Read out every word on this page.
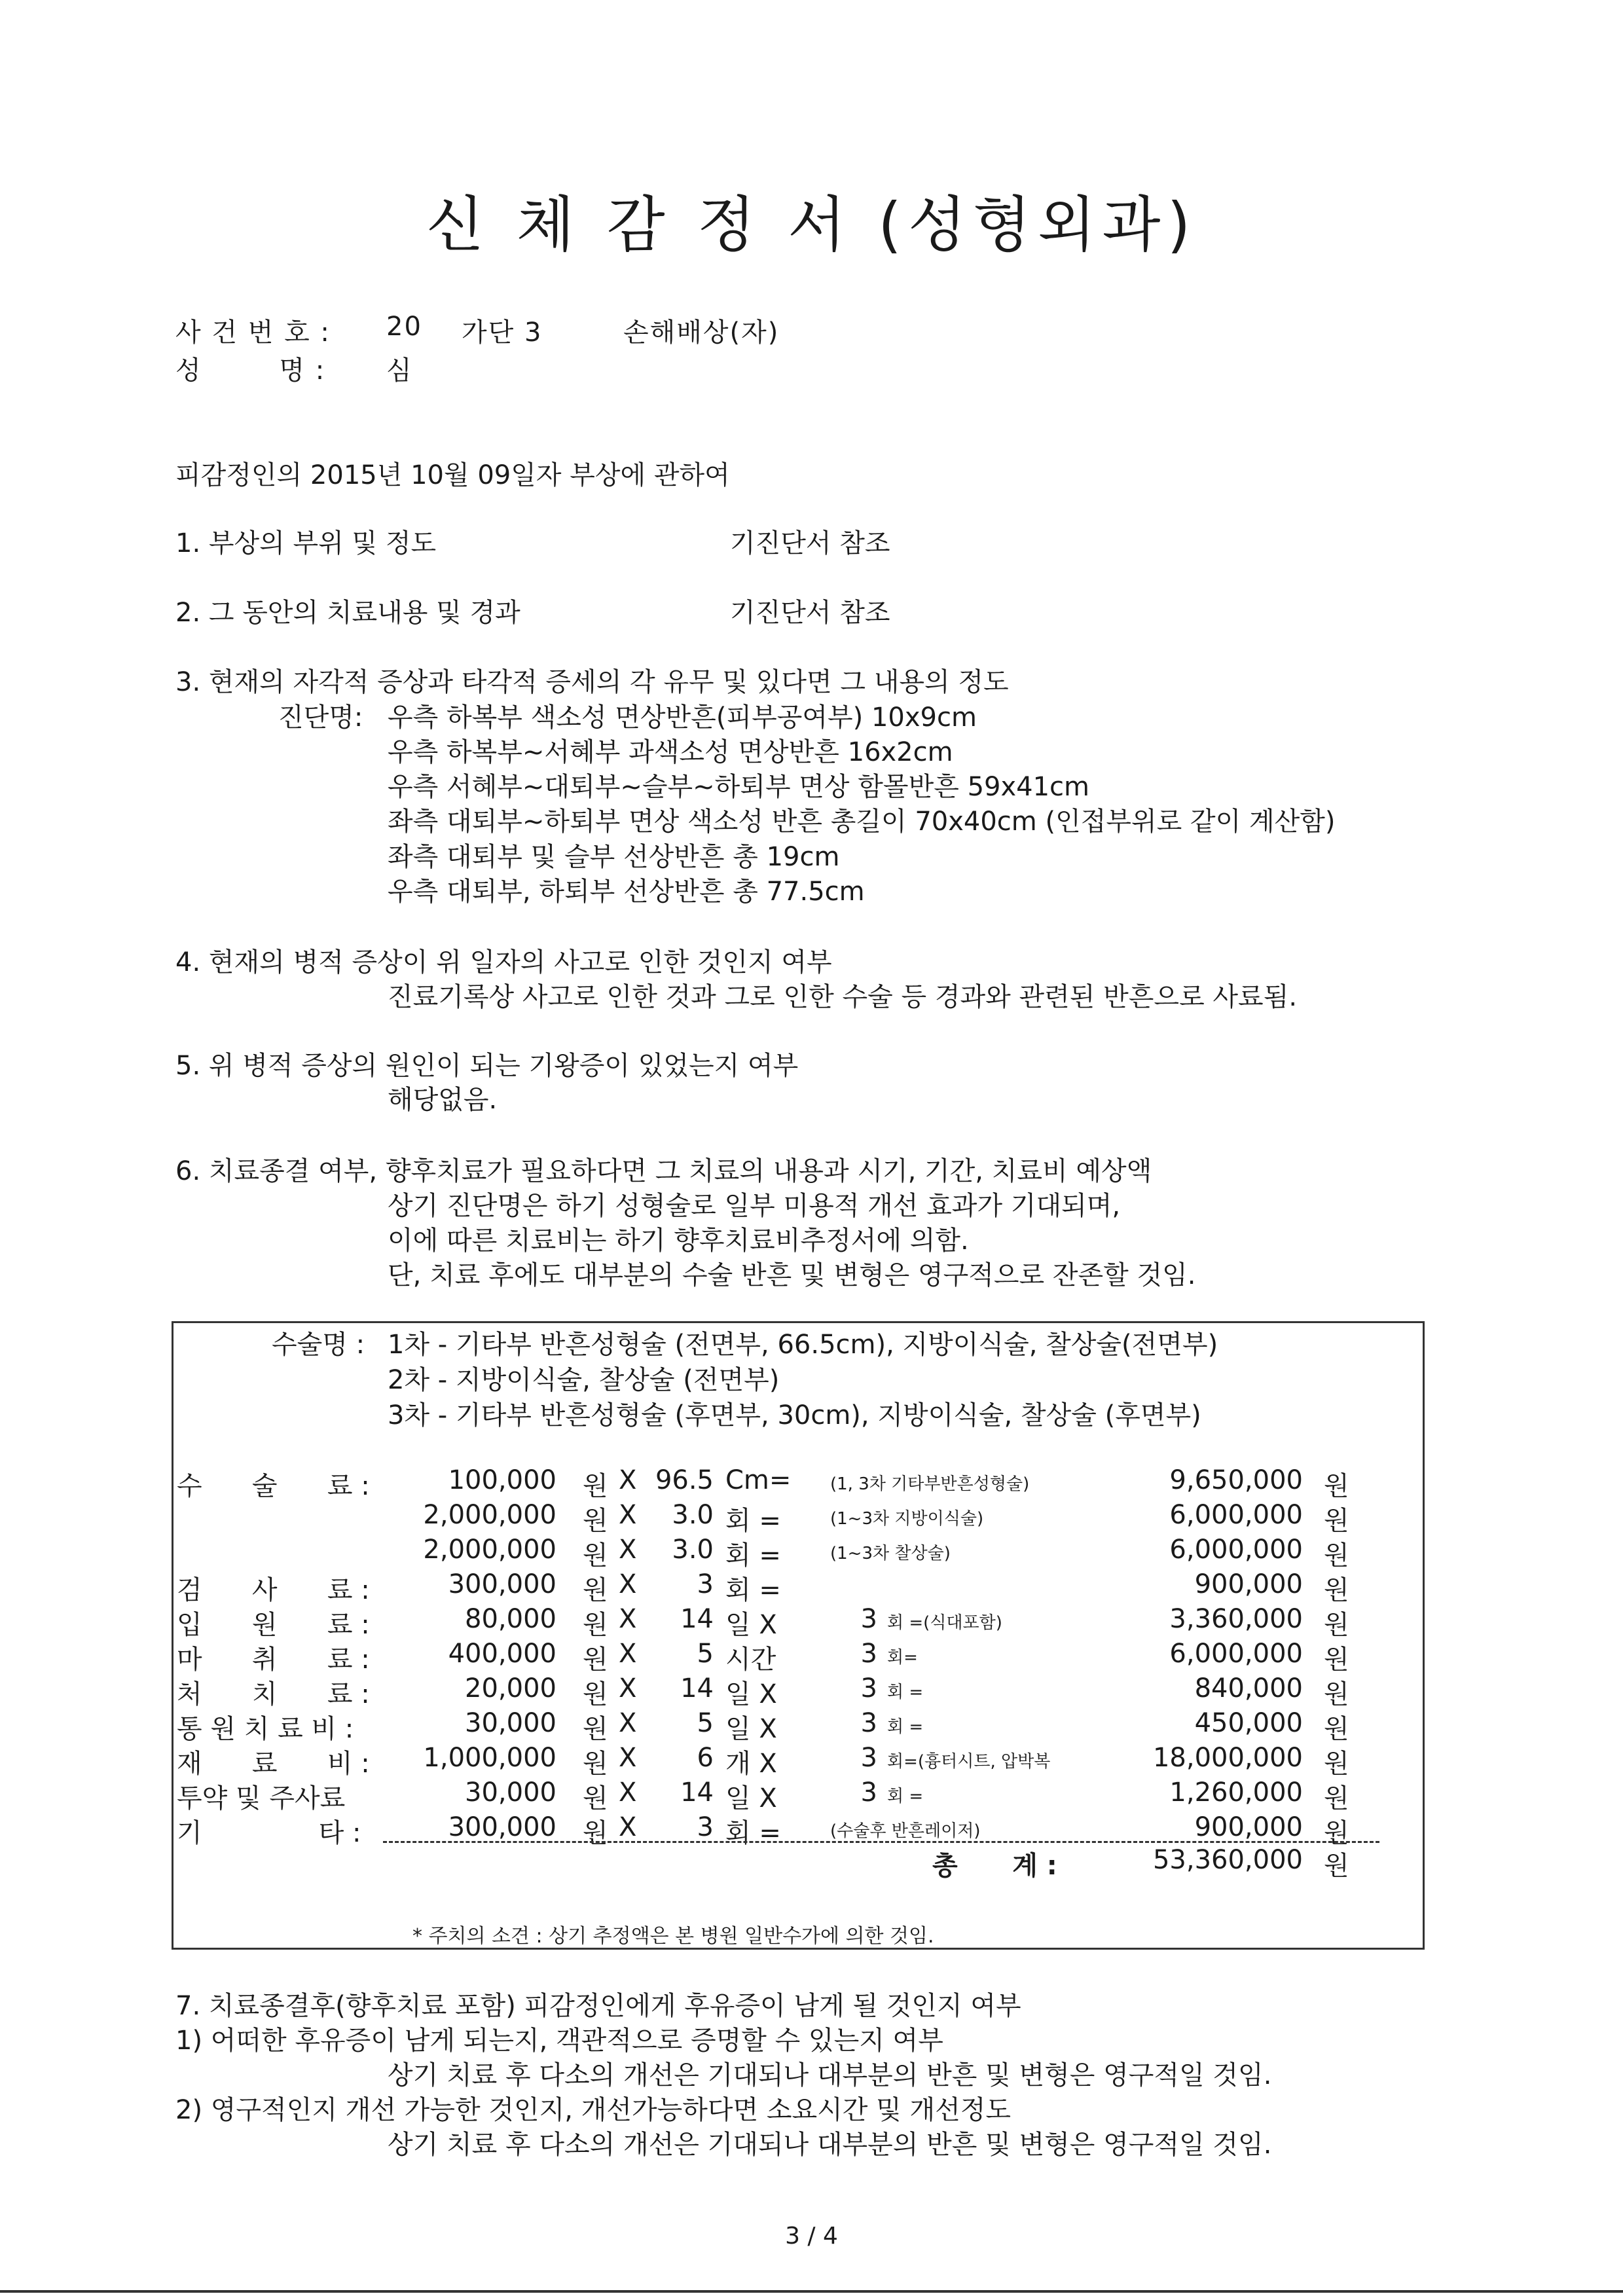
신 체 감 정 서 (성형외과)
사 건 번 호 : 20 가단 3	손해배상(자)
성        명 : 심
피감정인의 2015년 10월 09일자 부상에 관하여
1. 부상의 부위 및 정도	기진단서 참조
2. 그 동안의 치료내용 및 경과	기진단서 참조
3. 현재의 자각적 증상과 타각적 증세의 각 유무 및 있다면 그 내용의 정도
진단명: 우측 하복부 색소성 면상반흔(피부공여부) 10x9cm
우측 하복부~서혜부 과색소성 면상반흔 16x2cm
우측 서혜부~대퇴부~슬부~하퇴부 면상 함몰반흔 59x41cm
좌측 대퇴부~하퇴부 면상 색소성 반흔 총길이 70x40cm (인접부위로 같이 계산함)
좌측 대퇴부 및 슬부 선상반흔 총 19cm
우측 대퇴부, 하퇴부 선상반흔 총 77.5cm
4. 현재의 병적 증상이 위 일자의 사고로 인한 것인지 여부
진료기록상 사고로 인한 것과 그로 인한 수술 등 경과와 관련된 반흔으로 사료됨.
5. 위 병적 증상의 원인이 되는 기왕증이 있었는지 여부
해당없음.
6. 치료종결 여부, 향후치료가 필요하다면 그 치료의 내용과 시기, 기간, 치료비 예상액
상기 진단명은 하기 성형술로 일부 미용적 개선 효과가 기대되며,
이에 따른 치료비는 하기 향후치료비추정서에 의함.
단, 치료 후에도 대부분의 수술 반흔 및 변형은 영구적으로 잔존할 것임.
수술명 : 1차 - 기타부 반흔성형술 (전면부, 66.5cm), 지방이식술, 찰상술(전면부)
2차 - 지방이식술, 찰상술 (전면부)
3차 - 기타부 반흔성형술 (후면부, 30cm), 지방이식술, 찰상술 (후면부)
수      술      료 :	100,000 원 X 96.5 Cm=	(1, 3차 기타부반흔성형술)	9,650,000 원
2,000,000 원 X	3.0 회 =	(1~3차 지방이식술)	6,000,000 원
2,000,000 원 X	3.0 회 =	(1~3차 찰상술)	6,000,000 원
검      사      료 :	300,000 원 X	3 회 =	900,000 원
입      원      료 :	80,000 원 X	14 일 X	3 회 =(식대포함)	3,360,000 원
마      취      료 :	400,000 원 X	5 시간	3 회=	6,000,000 원
처      치      료 :	20,000 원 X	14 일 X	3 회 =	840,000 원
통 원 치 료 비 :	30,000 원 X	5 일 X	3 회 =	450,000 원
재      료      비 :	1,000,000 원 X	6 개 X	3 회=(흉터시트, 압박복	18,000,000 원
투약 및 주사료	30,000 원 X	14 일 X	3 회 =	1,260,000 원
기              타 :	300,000 원 X	3 회 =	(수술후 반흔레이저)	900,000 원
총      계 :	53,360,000 원
* 주치의 소견 : 상기 추정액은 본 병원 일반수가에 의한 것임.
7. 치료종결후(향후치료 포함) 피감정인에게 후유증이 남게 될 것인지 여부
1) 어떠한 후유증이 남게 되는지, 객관적으로 증명할 수 있는지 여부
상기 치료 후 다소의 개선은 기대되나 대부분의 반흔 및 변형은 영구적일 것임.
2) 영구적인지 개선 가능한 것인지, 개선가능하다면 소요시간 및 개선정도
상기 치료 후 다소의 개선은 기대되나 대부분의 반흔 및 변형은 영구적일 것임.
3 / 4
